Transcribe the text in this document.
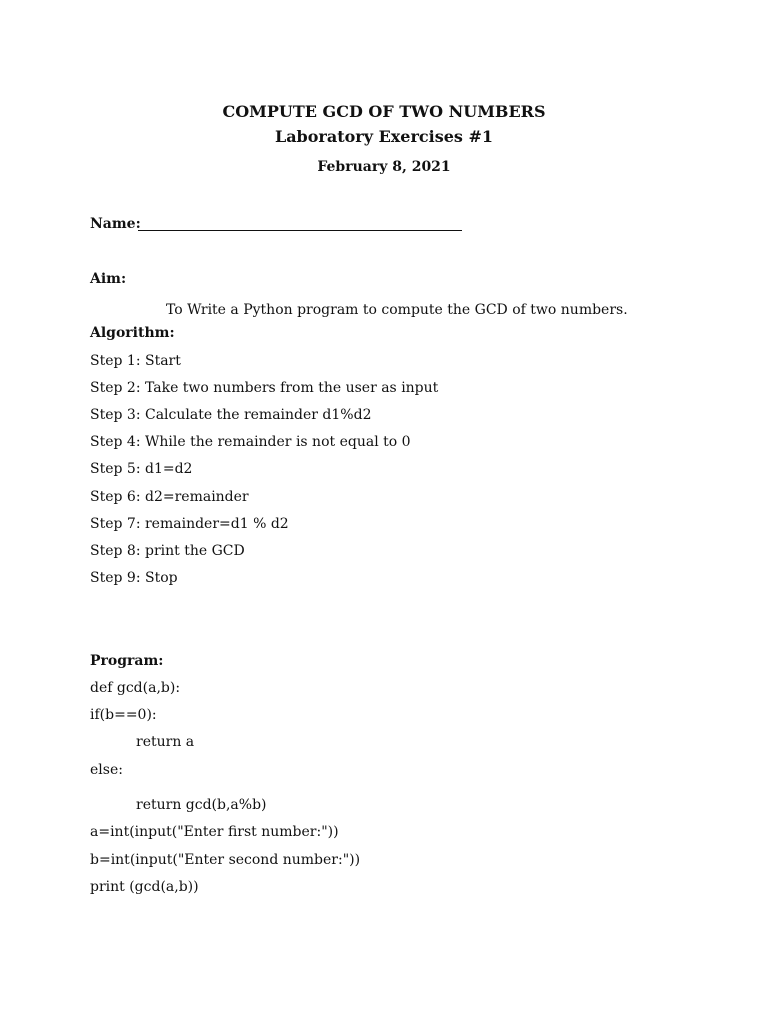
COMPUTE GCD OF TWO NUMBERS
Laboratory Exercises #1
February 8, 2021
Name:
Aim:
To Write a Python program to compute the GCD of two numbers.
Algorithm:
Step 1: Start
Step 2: Take two numbers from the user as input
Step 3: Calculate the remainder d1%d2
Step 4: While the remainder is not equal to 0
Step 5: d1=d2
Step 6: d2=remainder
Step 7: remainder=d1 % d2
Step 8: print the GCD
Step 9: Stop
Program:
def gcd(a,b):
if(b==0):
return a
else:
return gcd(b,a%b)
a=int(input("Enter first number:"))
b=int(input("Enter second number:"))
print (gcd(a,b))
